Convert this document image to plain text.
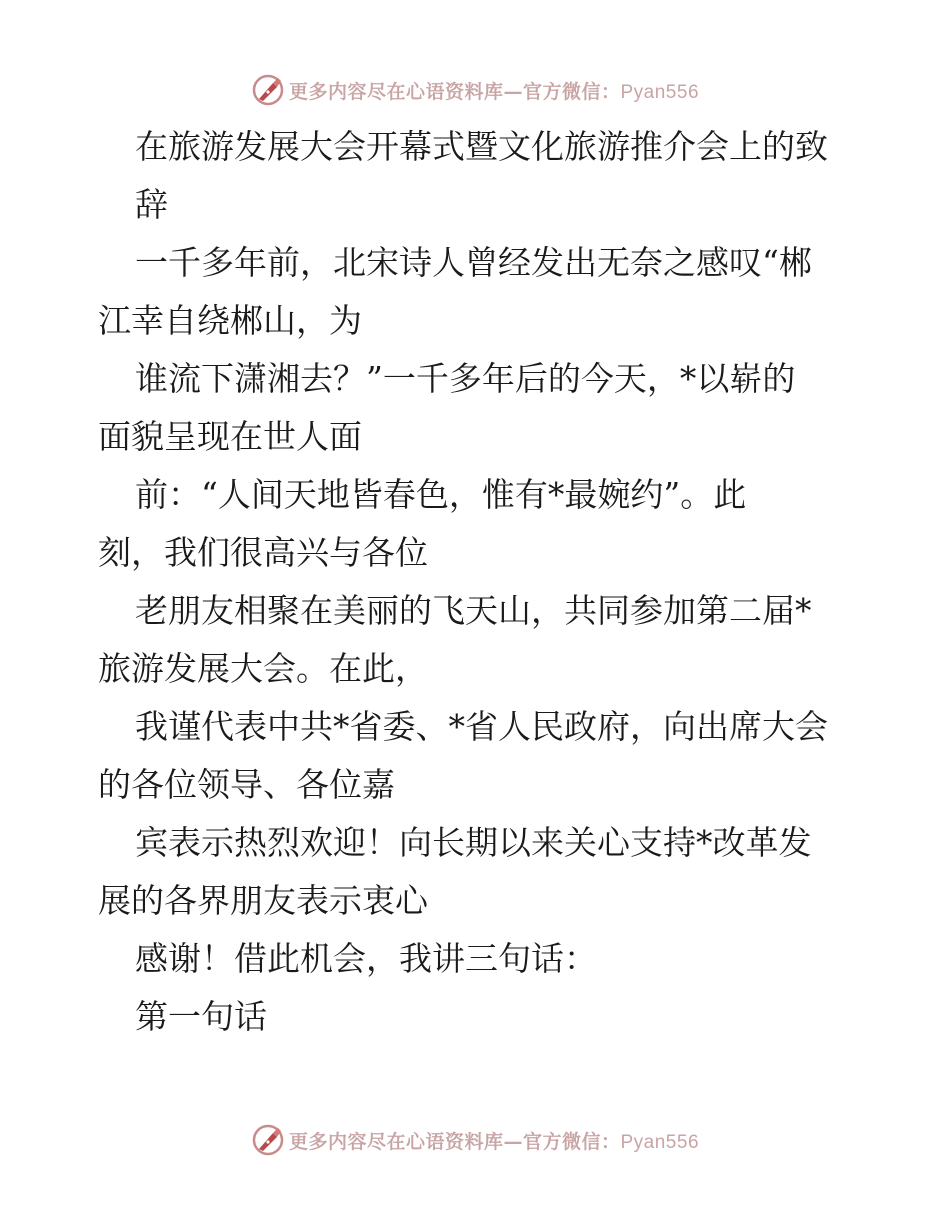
更多内容尽在心语资料库—官方微信：Pyan556

在旅游发展大会开幕式暨文化旅游推介会上的致

辞

一千多年前，北宋诗人曾经发出无奈之感叹“郴

江幸自绕郴山，为

谁流下潇湘去？”一千多年后的今天，*以崭的

面貌呈现在世人面

前：“人间天地皆春色，惟有*最婉约”。此

刻，我们很高兴与各位

老朋友相聚在美丽的飞天山，共同参加第二届*

旅游发展大会。在此，

我谨代表中共*省委、*省人民政府，向出席大会

的各位领导、各位嘉

宾表示热烈欢迎！向长期以来关心支持*改革发

展的各界朋友表示衷心

感谢！借此机会，我讲三句话：

第一句话

更多内容尽在心语资料库—官方微信：Pyan556
